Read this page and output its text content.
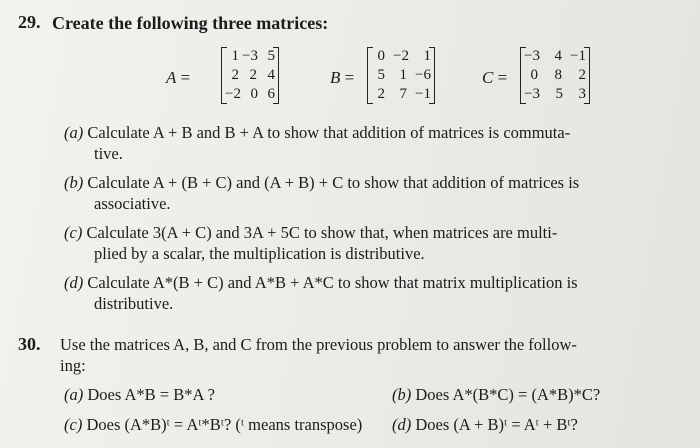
29. Create the following three matrices:
A =
1 −3 5
2 2 4
−2 0 6
B =
0 −2 1
5 1 −6
2 7 −1
C =
−3 4 −1
0	8	2
−3	5	3
(a) Calculate A + B and B + A to show that addition of matrices is commuta-
tive.
(b) Calculate A + (B + C) and (A + B) + C to show that addition of matrices is
associative.
(c) Calculate 3(A + C) and 3A + 5C to show that, when matrices are multi-
plied by a scalar, the multiplication is distributive.
(d) Calculate A*(B + C) and A*B + A*C to show that matrix multiplication is
distributive.
30. Use the matrices A, B, and C from the previous problem to answer the follow-
ing:
(a) Does A*B = B*A ?	(b) Does A*(B*C) = (A*B)*C?
(c) Does (A*B)ᵗ = Aᵗ*Bᵗ? (ᵗ means transpose) (d) Does (A + B)ᵗ = Aᵗ + Bᵗ?
